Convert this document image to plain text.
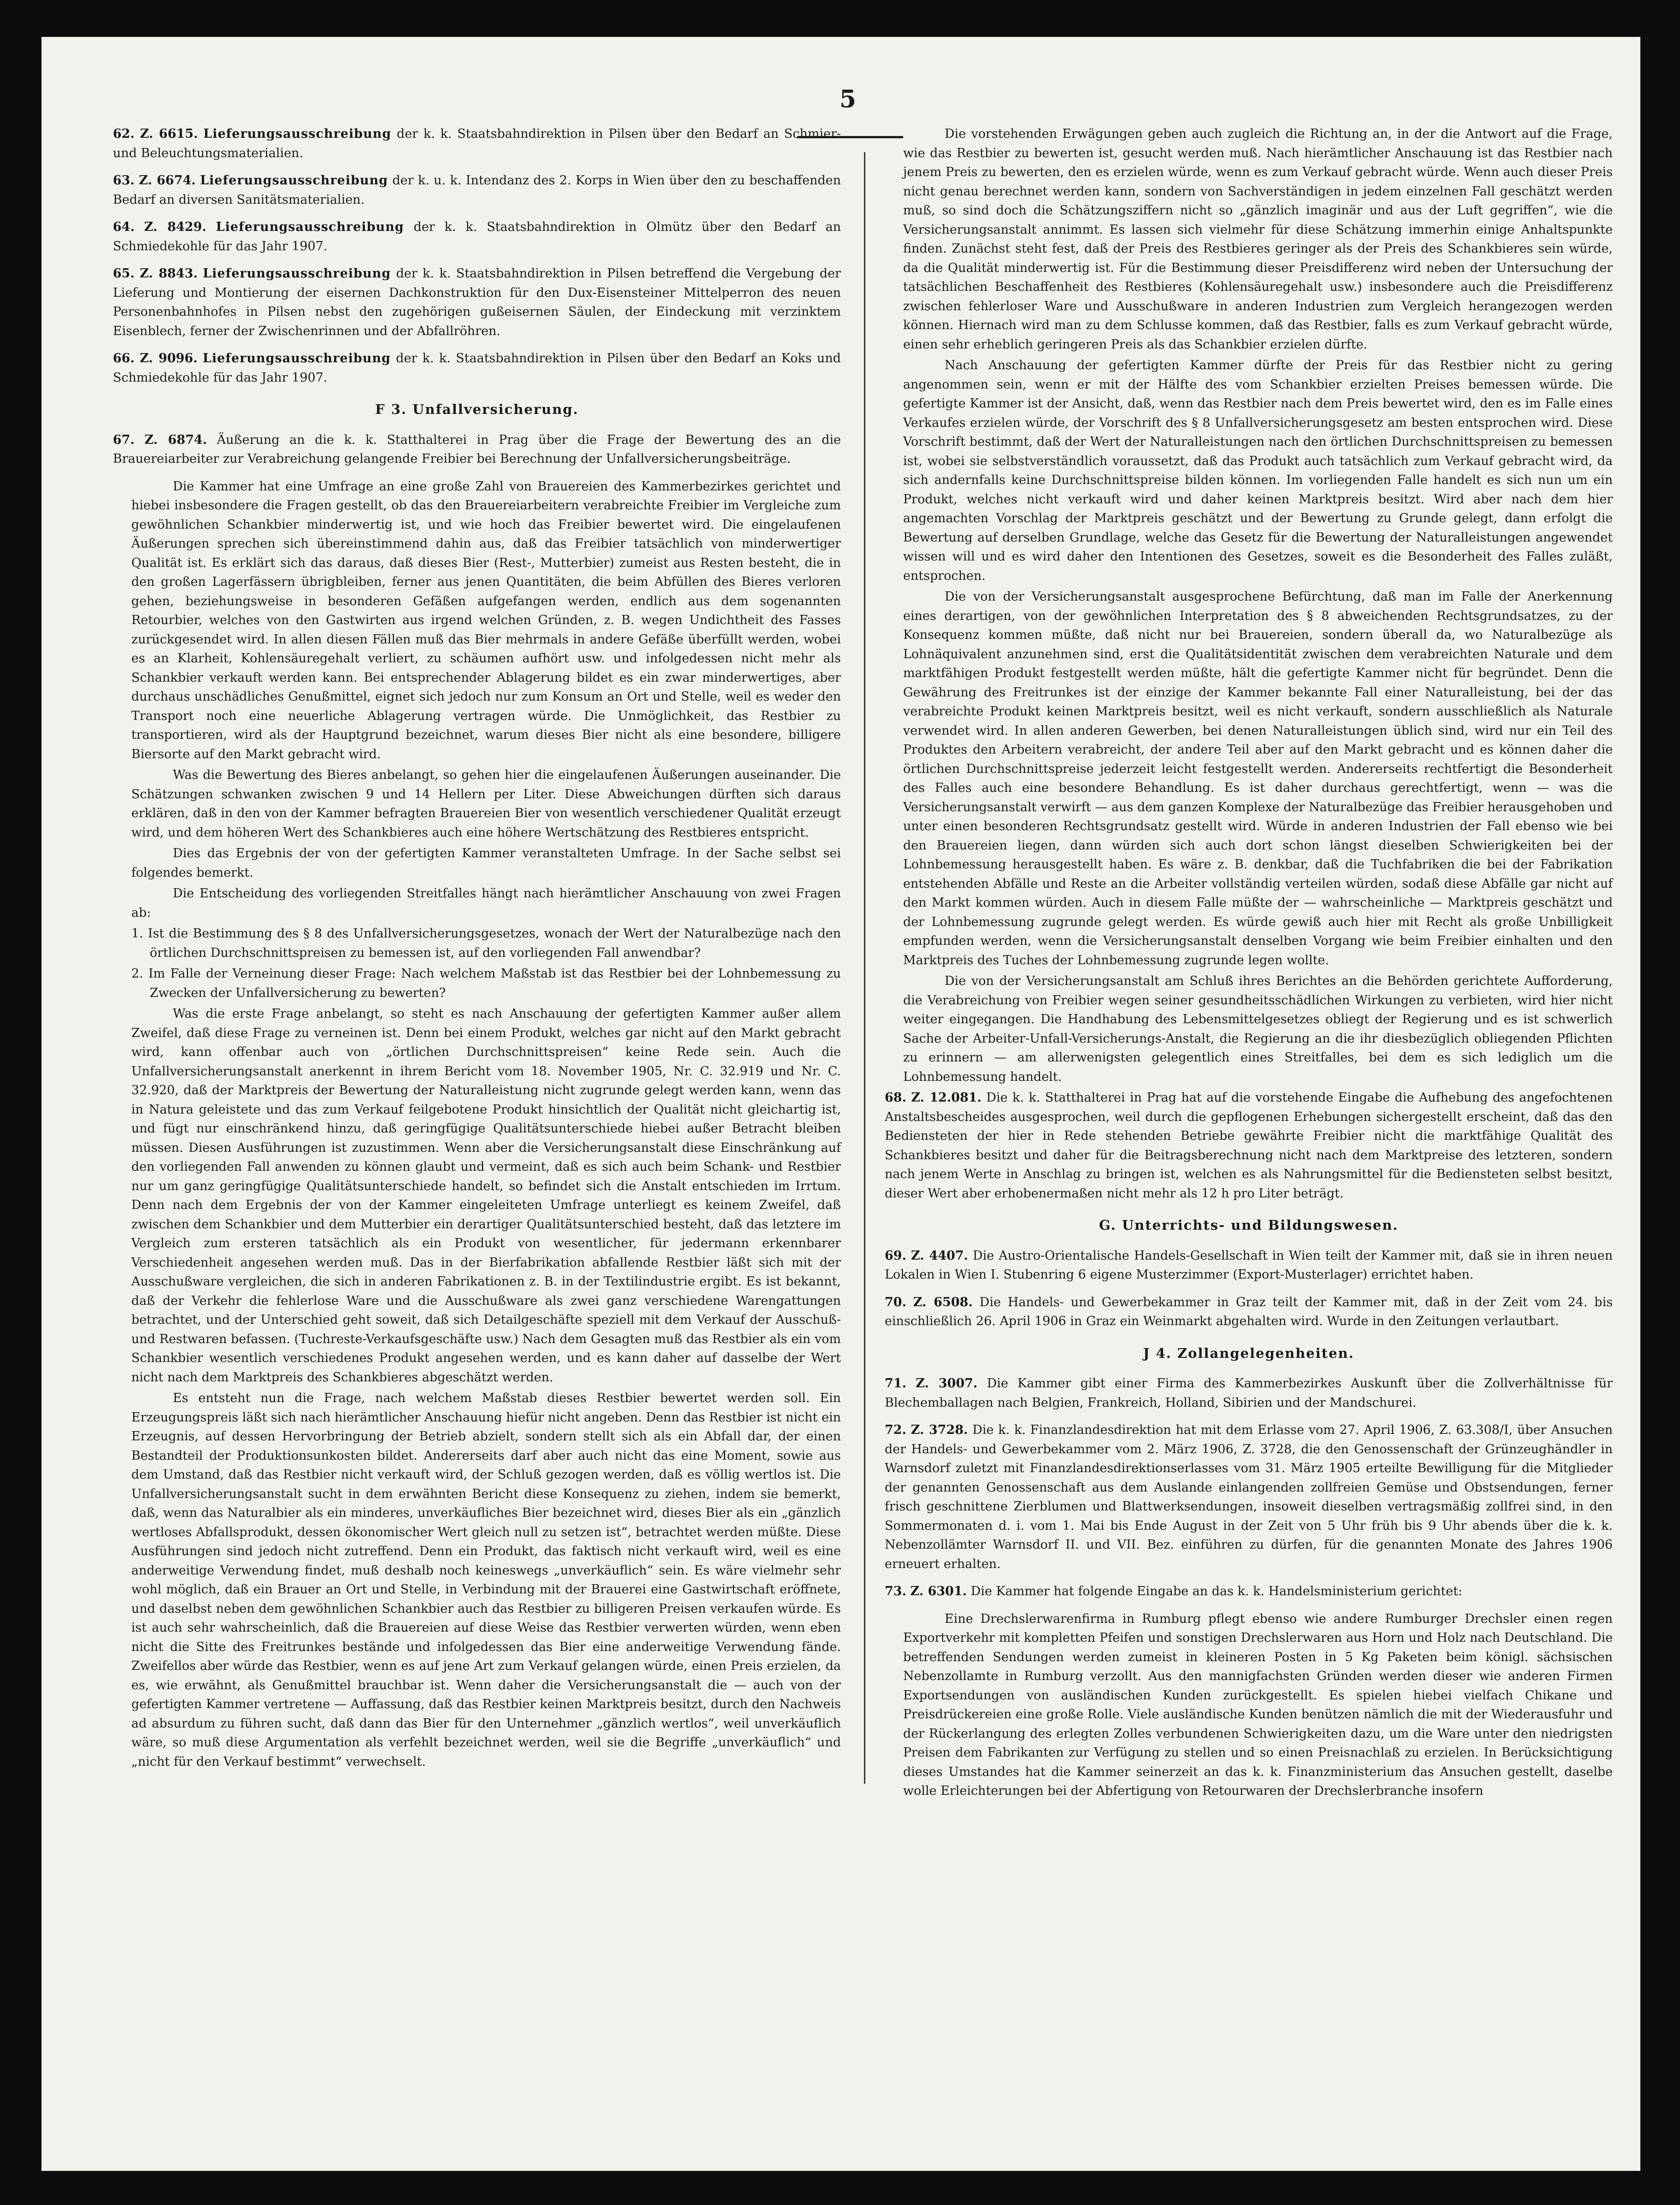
5
62. Z. 6615. Lieferungsausschreibung der k. k. Staatsbahndirektion in Pilsen über den Bedarf an Schmier- und Beleuchtungsmaterialien.
63. Z. 6674. Lieferungsausschreibung der k. u. k. Intendanz des 2. Korps in Wien über den zu beschaffenden Bedarf an diversen Sanitätsmaterialien.
64. Z. 8429. Lieferungsausschreibung der k. k. Staatsbahndirektion in Olmütz über den Bedarf an Schmiedekohle für das Jahr 1907.
65. Z. 8843. Lieferungsausschreibung der k. k. Staatsbahndirektion in Pilsen betreffend die Vergebung der Lieferung und Montierung der eisernen Dachkonstruktion für den Dux-Eisensteiner Mittelperron des neuen Personenbahnhofes in Pilsen nebst den zugehörigen gußeisernen Säulen, der Eindeckung mit verzinktem Eisenblech, ferner der Zwischenrinnen und der Abfallröhren.
66. Z. 9096. Lieferungsausschreibung der k. k. Staatsbahndirektion in Pilsen über den Bedarf an Koks und Schmiedekohle für das Jahr 1907.
F 3. Unfallversicherung.
67. Z. 6874. Äußerung an die k. k. Statthalterei in Prag über die Frage der Bewertung des an die Brauereiarbeiter zur Verabreichung gelangende Freibier bei Berechnung der Unfallversicherungsbeiträge.

Die Kammer hat eine Umfrage an eine große Zahl von Brauereien des Kammerbezirkes gerichtet und hiebei insbesondere die Fragen gestellt, ob das den Brauereiarbeitern verabreichte Freibier im Vergleiche zum gewöhnlichen Schankbier minderwertig ist, und wie hoch das Freibier bewertet wird. Die eingelaufenen Äußerungen sprechen sich übereinstimmend dahin aus, daß das Freibier tatsächlich von minderwertiger Qualität ist. Es erklärt sich das daraus, daß dieses Bier (Rest-, Mutterbier) zumeist aus Resten besteht, die in den großen Lagerfässern übrigbleiben, ferner aus jenen Quantitäten, die beim Abfüllen des Bieres verloren gehen, beziehungsweise in besonderen Gefäßen aufgefangen werden, endlich aus dem sogenannten Retourbier, welches von den Gastwirten aus irgend welchen Gründen, z. B. wegen Undichtheit des Fasses zurückgesendet wird. In allen diesen Fällen muß das Bier mehrmals in andere Gefäße überfüllt werden, wobei es an Klarheit, Kohlensäuregehalt verliert, zu schäumen aufhört usw. und infolgedessen nicht mehr als Schankbier verkauft werden kann. Bei entsprechender Ablagerung bildet es ein zwar minderwertiges, aber durchaus unschädliches Genußmittel, eignet sich jedoch nur zum Konsum an Ort und Stelle, weil es weder den Transport noch eine neuerliche Ablagerung vertragen würde. Die Unmöglichkeit, das Restbier zu transportieren, wird als der Hauptgrund bezeichnet, warum dieses Bier nicht als eine besondere, billigere Biersorte auf den Markt gebracht wird.

Was die Bewertung des Bieres anbelangt, so gehen hier die eingelaufenen Äußerungen auseinander. Die Schätzungen schwanken zwischen 9 und 14 Hellern per Liter. Diese Abweichungen dürften sich daraus erklären, daß in den von der Kammer befragten Brauereien Bier von wesentlich verschiedener Qualität erzeugt wird, und dem höheren Wert des Schankbieres auch eine höhere Wertschätzung des Restbieres entspricht.

Dies das Ergebnis der von der gefertigten Kammer veranstalteten Umfrage. In der Sache selbst sei folgendes bemerkt.

Die Entscheidung des vorliegenden Streitfalles hängt nach hierämtlicher Anschauung von zwei Fragen ab:

1. Ist die Bestimmung des § 8 des Unfallversicherungsgesetzes, wonach der Wert der Naturalbezüge nach den örtlichen Durchschnittspreisen zu bemessen ist, auf den vorliegenden Fall anwendbar?

2. Im Falle der Verneinung dieser Frage: Nach welchem Maßstab ist das Restbier bei der Lohnbemessung zu Zwecken der Unfallversicherung zu bewerten?

Was die erste Frage anbelangt, so steht es nach Anschauung der gefertigten Kammer außer allem Zweifel, daß diese Frage zu verneinen ist. Denn bei einem Produkt, welches gar nicht auf den Markt gebracht wird, kann offenbar auch von „örtlichen Durchschnittspreisen“ keine Rede sein. Auch die Unfallversicherungsanstalt anerkennt in ihrem Bericht vom 18. November 1905, Nr. C. 32.919 und Nr. C. 32.920, daß der Marktpreis der Bewertung der Naturalleistung nicht zugrunde gelegt werden kann, wenn das in Natura geleistete und das zum Verkauf feilgebotene Produkt hinsichtlich der Qualität nicht gleichartig ist, und fügt nur einschränkend hinzu, daß geringfügige Qualitätsunterschiede hiebei außer Betracht bleiben müssen. Diesen Ausführungen ist zuzustimmen. Wenn aber die Versicherungsanstalt diese Einschränkung auf den vorliegenden Fall anwenden zu können glaubt und vermeint, daß es sich auch beim Schank- und Restbier nur um ganz geringfügige Qualitätsunterschiede handelt, so befindet sich die Anstalt entschieden im Irrtum. Denn nach dem Ergebnis der von der Kammer eingeleiteten Umfrage unterliegt es keinem Zweifel, daß zwischen dem Schankbier und dem Mutterbier ein derartiger Qualitätsunterschied besteht, daß das letztere im Vergleich zum ersteren tatsächlich als ein Produkt von wesentlicher, für jedermann erkennbarer Verschiedenheit angesehen werden muß. Das in der Bierfabrikation abfallende Restbier läßt sich mit der Ausschußware vergleichen, die sich in anderen Fabrikationen z. B. in der Textilindustrie ergibt. Es ist bekannt, daß der Verkehr die fehlerlose Ware und die Ausschußware als zwei ganz verschiedene Warengattungen betrachtet, und der Unterschied geht soweit, daß sich Detailgeschäfte speziell mit dem Verkauf der Ausschuß- und Restwaren befassen. (Tuchreste-Verkaufsgeschäfte usw.) Nach dem Gesagten muß das Restbier als ein vom Schankbier wesentlich verschiedenes Produkt angesehen werden, und es kann daher auf dasselbe der Wert nicht nach dem Marktpreis des Schankbieres abgeschätzt werden.

Es entsteht nun die Frage, nach welchem Maßstab dieses Restbier bewertet werden soll. Ein Erzeugungspreis läßt sich nach hierämtlicher Anschauung hiefür nicht angeben. Denn das Restbier ist nicht ein Erzeugnis, auf dessen Hervorbringung der Betrieb abzielt, sondern stellt sich als ein Abfall dar, der einen Bestandteil der Produktionsunkosten bildet. Andererseits darf aber auch nicht das eine Moment, sowie aus dem Umstand, daß das Restbier nicht verkauft wird, der Schluß gezogen werden, daß es völlig wertlos ist. Die Unfallversicherungsanstalt sucht in dem erwähnten Bericht diese Konsequenz zu ziehen, indem sie bemerkt, daß, wenn das Naturalbier als ein minderes, unverkäufliches Bier bezeichnet wird, dieses Bier als ein „gänzlich wertloses Abfallsprodukt, dessen ökonomischer Wert gleich null zu setzen ist“, betrachtet werden müßte. Diese Ausführungen sind jedoch nicht zutreffend. Denn ein Produkt, das faktisch nicht verkauft wird, weil es eine anderweitige Verwendung findet, muß deshalb noch keineswegs „unverkäuflich“ sein. Es wäre vielmehr sehr wohl möglich, daß ein Brauer an Ort und Stelle, in Verbindung mit der Brauerei eine Gastwirtschaft eröffnete, und daselbst neben dem gewöhnlichen Schankbier auch das Restbier zu billigeren Preisen verkaufen würde. Es ist auch sehr wahrscheinlich, daß die Brauereien auf diese Weise das Restbier verwerten würden, wenn eben nicht die Sitte des Freitrunkes bestände und infolgedessen das Bier eine anderweitige Verwendung fände. Zweifellos aber würde das Restbier, wenn es auf jene Art zum Verkauf gelangen würde, einen Preis erzielen, da es, wie erwähnt, als Genußmittel brauchbar ist. Wenn daher die Versicherungsanstalt die — auch von der gefertigten Kammer vertretene — Auffassung, daß das Restbier keinen Marktpreis besitzt, durch den Nachweis ad absurdum zu führen sucht, daß dann das Bier für den Unternehmer „gänzlich wertlos“, weil unverkäuflich wäre, so muß diese Argumentation als verfehlt bezeichnet werden, weil sie die Begriffe „unverkäuflich“ und „nicht für den Verkauf bestimmt“ verwechselt.

Die vorstehenden Erwägungen geben auch zugleich die Richtung an, in der die Antwort auf die Frage, wie das Restbier zu bewerten ist, gesucht werden muß. Nach hierämtlicher Anschauung ist das Restbier nach jenem Preis zu bewerten, den es erzielen würde, wenn es zum Verkauf gebracht würde. Wenn auch dieser Preis nicht genau berechnet werden kann, sondern von Sachverständigen in jedem einzelnen Fall geschätzt werden muß, so sind doch die Schätzungsziffern nicht so „gänzlich imaginär und aus der Luft gegriffen“, wie die Versicherungsanstalt annimmt. Es lassen sich vielmehr für diese Schätzung immerhin einige Anhaltspunkte finden. Zunächst steht fest, daß der Preis des Restbieres geringer als der Preis des Schankbieres sein würde, da die Qualität minderwertig ist. Für die Bestimmung dieser Preisdifferenz wird neben der Untersuchung der tatsächlichen Beschaffenheit des Restbieres (Kohlensäuregehalt usw.) insbesondere auch die Preisdifferenz zwischen fehlerloser Ware und Ausschußware in anderen Industrien zum Vergleich herangezogen werden können. Hiernach wird man zu dem Schlusse kommen, daß das Restbier, falls es zum Verkauf gebracht würde, einen sehr erheblich geringeren Preis als das Schankbier erzielen dürfte.

Nach Anschauung der gefertigten Kammer dürfte der Preis für das Restbier nicht zu gering angenommen sein, wenn er mit der Hälfte des vom Schankbier erzielten Preises bemessen würde. Die gefertigte Kammer ist der Ansicht, daß, wenn das Restbier nach dem Preis bewertet wird, den es im Falle eines Verkaufes erzielen würde, der Vorschrift des § 8 Unfallversicherungsgesetz am besten entsprochen wird. Diese Vorschrift bestimmt, daß der Wert der Naturalleistungen nach den örtlichen Durchschnittspreisen zu bemessen ist, wobei sie selbstverständlich voraussetzt, daß das Produkt auch tatsächlich zum Verkauf gebracht wird, da sich andernfalls keine Durchschnittspreise bilden können. Im vorliegenden Falle handelt es sich nun um ein Produkt, welches nicht verkauft wird und daher keinen Marktpreis besitzt. Wird aber nach dem hier angemachten Vorschlag der Marktpreis geschätzt und der Bewertung zu Grunde gelegt, dann erfolgt die Bewertung auf derselben Grundlage, welche das Gesetz für die Bewertung der Naturalleistungen angewendet wissen will und es wird daher den Intentionen des Gesetzes, soweit es die Besonderheit des Falles zuläßt, entsprochen.

Die von der Versicherungsanstalt ausgesprochene Befürchtung, daß man im Falle der Anerkennung eines derartigen, von der gewöhnlichen Interpretation des § 8 abweichenden Rechtsgrundsatzes, zu der Konsequenz kommen müßte, daß nicht nur bei Brauereien, sondern überall da, wo Naturalbezüge als Lohnäquivalent anzunehmen sind, erst die Qualitätsidentität zwischen dem verabreichten Naturale und dem marktfähigen Produkt festgestellt werden müßte, hält die gefertigte Kammer nicht für begründet. Denn die Gewährung des Freitrunkes ist der einzige der Kammer bekannte Fall einer Naturalleistung, bei der das verabreichte Produkt keinen Marktpreis besitzt, weil es nicht verkauft, sondern ausschließlich als Naturale verwendet wird. In allen anderen Gewerben, bei denen Naturalleistungen üblich sind, wird nur ein Teil des Produktes den Arbeitern verabreicht, der andere Teil aber auf den Markt gebracht und es können daher die örtlichen Durchschnittspreise jederzeit leicht festgestellt werden. Andererseits rechtfertigt die Besonderheit des Falles auch eine besondere Behandlung. Es ist daher durchaus gerechtfertigt, wenn — was die Versicherungsanstalt verwirft — aus dem ganzen Komplexe der Naturalbezüge das Freibier herausgehoben und unter einen besonderen Rechtsgrundsatz gestellt wird. Würde in anderen Industrien der Fall ebenso wie bei den Brauereien liegen, dann würden sich auch dort schon längst dieselben Schwierigkeiten bei der Lohnbemessung herausgestellt haben. Es wäre z. B. denkbar, daß die Tuchfabriken die bei der Fabrikation entstehenden Abfälle und Reste an die Arbeiter vollständig verteilen würden, sodaß diese Abfälle gar nicht auf den Markt kommen würden. Auch in diesem Falle müßte der — wahrscheinliche — Marktpreis geschätzt und der Lohnbemessung zugrunde gelegt werden. Es würde gewiß auch hier mit Recht als große Unbilligkeit empfunden werden, wenn die Versicherungsanstalt denselben Vorgang wie beim Freibier einhalten und den Marktpreis des Tuches der Lohnbemessung zugrunde legen wollte.

Die von der Versicherungsanstalt am Schluß ihres Berichtes an die Behörden gerichtete Aufforderung, die Verabreichung von Freibier wegen seiner gesundheitsschädlichen Wirkungen zu verbieten, wird hier nicht weiter eingegangen. Die Handhabung des Lebensmittelgesetzes obliegt der Regierung und es ist schwerlich Sache der Arbeiter-Unfall-Versicherungs-Anstalt, die Regierung an die ihr diesbezüglich obliegenden Pflichten zu erinnern — am allerwenigsten gelegentlich eines Streitfalles, bei dem es sich lediglich um die Lohnbemessung handelt.

68. Z. 12.081. Die k. k. Statthalterei in Prag hat auf die vorstehende Eingabe die Aufhebung des angefochtenen Anstaltsbescheides ausgesprochen, weil durch die gepflogenen Erhebungen sichergestellt erscheint, daß das den Bediensteten der hier in Rede stehenden Betriebe gewährte Freibier nicht die marktfähige Qualität des Schankbieres besitzt und daher für die Beitragsberechnung nicht nach dem Marktpreise des letzteren, sondern nach jenem Werte in Anschlag zu bringen ist, welchen es als Nahrungsmittel für die Bediensteten selbst besitzt, dieser Wert aber erhobenermaßen nicht mehr als 12 h pro Liter beträgt.
G. Unterrichts- und Bildungswesen.
69. Z. 4407. Die Austro-Orientalische Handels-Gesellschaft in Wien teilt der Kammer mit, daß sie in ihren neuen Lokalen in Wien I. Stubenring 6 eigene Musterzimmer (Export-Musterlager) errichtet haben.
70. Z. 6508. Die Handels- und Gewerbekammer in Graz teilt der Kammer mit, daß in der Zeit vom 24. bis einschließlich 26. April 1906 in Graz ein Weinmarkt abgehalten wird. Wurde in den Zeitungen verlautbart.
J 4. Zollangelegenheiten.
71. Z. 3007. Die Kammer gibt einer Firma des Kammerbezirkes Auskunft über die Zollverhältnisse für Blechemballagen nach Belgien, Frankreich, Holland, Sibirien und der Mandschurei.
72. Z. 3728. Die k. k. Finanzlandesdirektion hat mit dem Erlasse vom 27. April 1906, Z. 63.308/I, über Ansuchen der Handels- und Gewerbekammer vom 2. März 1906, Z. 3728, die den Genossenschaft der Grünzeughändler in Warnsdorf zuletzt mit Finanzlandesdirektionserlasses vom 31. März 1905 erteilte Bewilligung für die Mitglieder der genannten Genossenschaft aus dem Auslande einlangenden zollfreien Gemüse und Obstsendungen, ferner frisch geschnittene Zierblumen und Blattwerksendungen, insoweit dieselben vertragsmäßig zollfrei sind, in den Sommermonaten d. i. vom 1. Mai bis Ende August in der Zeit von 5 Uhr früh bis 9 Uhr abends über die k. k. Nebenzollämter Warnsdorf II. und VII. Bez. einführen zu dürfen, für die genannten Monate des Jahres 1906 erneuert erhalten.
73. Z. 6301. Die Kammer hat folgende Eingabe an das k. k. Handelsministerium gerichtet:

Eine Drechslerwarenfirma in Rumburg pflegt ebenso wie andere Rumburger Drechsler einen regen Exportverkehr mit kompletten Pfeifen und sonstigen Drechslerwaren aus Horn und Holz nach Deutschland. Die betreffenden Sendungen werden zumeist in kleineren Posten in 5 Kg Paketen beim königl. sächsischen Nebenzollamte in Rumburg verzollt. Aus den mannigfachsten Gründen werden dieser wie anderen Firmen Exportsendungen von ausländischen Kunden zurückgestellt. Es spielen hiebei vielfach Chikane und Preisdrückereien eine große Rolle. Viele ausländische Kunden benützen nämlich die mit der Wiederausfuhr und der Rückerlangung des erlegten Zolles verbundenen Schwierigkeiten dazu, um die Ware unter den niedrigsten Preisen dem Fabrikanten zur Verfügung zu stellen und so einen Preisnachlaß zu erzielen. In Berücksichtigung dieses Umstandes hat die Kammer seinerzeit an das k. k. Finanzministerium das Ansuchen gestellt, daselbe wolle Erleichterungen bei der Abfertigung von Retourwaren der Drechslerbranche insofern
